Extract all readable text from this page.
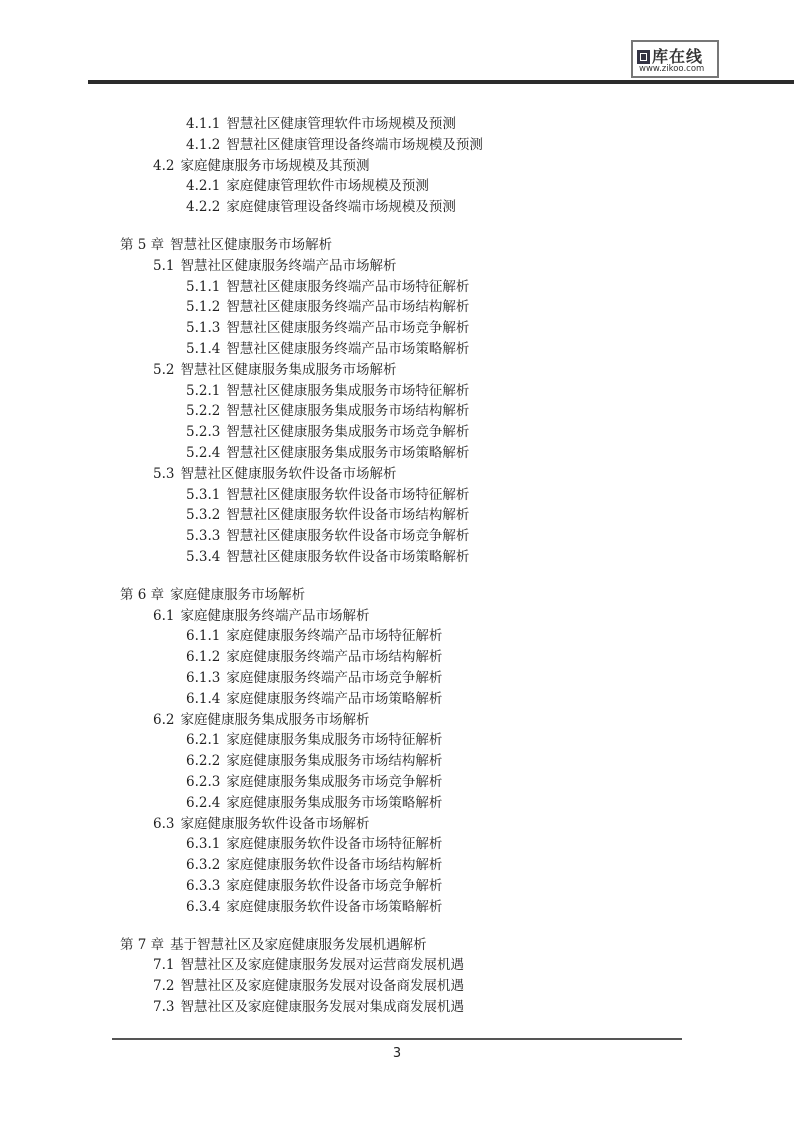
库在线
www.zikoo.com
4.1.1 智慧社区健康管理软件市场规模及预测
4.1.2 智慧社区健康管理设备终端市场规模及预测
4.2 家庭健康服务市场规模及其预测
4.2.1 家庭健康管理软件市场规模及预测
4.2.2 家庭健康管理设备终端市场规模及预测
第 5 章 智慧社区健康服务市场解析
5.1 智慧社区健康服务终端产品市场解析
5.1.1 智慧社区健康服务终端产品市场特征解析
5.1.2 智慧社区健康服务终端产品市场结构解析
5.1.3 智慧社区健康服务终端产品市场竞争解析
5.1.4 智慧社区健康服务终端产品市场策略解析
5.2 智慧社区健康服务集成服务市场解析
5.2.1 智慧社区健康服务集成服务市场特征解析
5.2.2 智慧社区健康服务集成服务市场结构解析
5.2.3 智慧社区健康服务集成服务市场竞争解析
5.2.4 智慧社区健康服务集成服务市场策略解析
5.3 智慧社区健康服务软件设备市场解析
5.3.1 智慧社区健康服务软件设备市场特征解析
5.3.2 智慧社区健康服务软件设备市场结构解析
5.3.3 智慧社区健康服务软件设备市场竞争解析
5.3.4 智慧社区健康服务软件设备市场策略解析
第 6 章 家庭健康服务市场解析
6.1 家庭健康服务终端产品市场解析
6.1.1 家庭健康服务终端产品市场特征解析
6.1.2 家庭健康服务终端产品市场结构解析
6.1.3 家庭健康服务终端产品市场竞争解析
6.1.4 家庭健康服务终端产品市场策略解析
6.2 家庭健康服务集成服务市场解析
6.2.1 家庭健康服务集成服务市场特征解析
6.2.2 家庭健康服务集成服务市场结构解析
6.2.3 家庭健康服务集成服务市场竞争解析
6.2.4 家庭健康服务集成服务市场策略解析
6.3 家庭健康服务软件设备市场解析
6.3.1 家庭健康服务软件设备市场特征解析
6.3.2 家庭健康服务软件设备市场结构解析
6.3.3 家庭健康服务软件设备市场竞争解析
6.3.4 家庭健康服务软件设备市场策略解析
第 7 章 基于智慧社区及家庭健康服务发展机遇解析
7.1 智慧社区及家庭健康服务发展对运营商发展机遇
7.2 智慧社区及家庭健康服务发展对设备商发展机遇
7.3 智慧社区及家庭健康服务发展对集成商发展机遇
3
